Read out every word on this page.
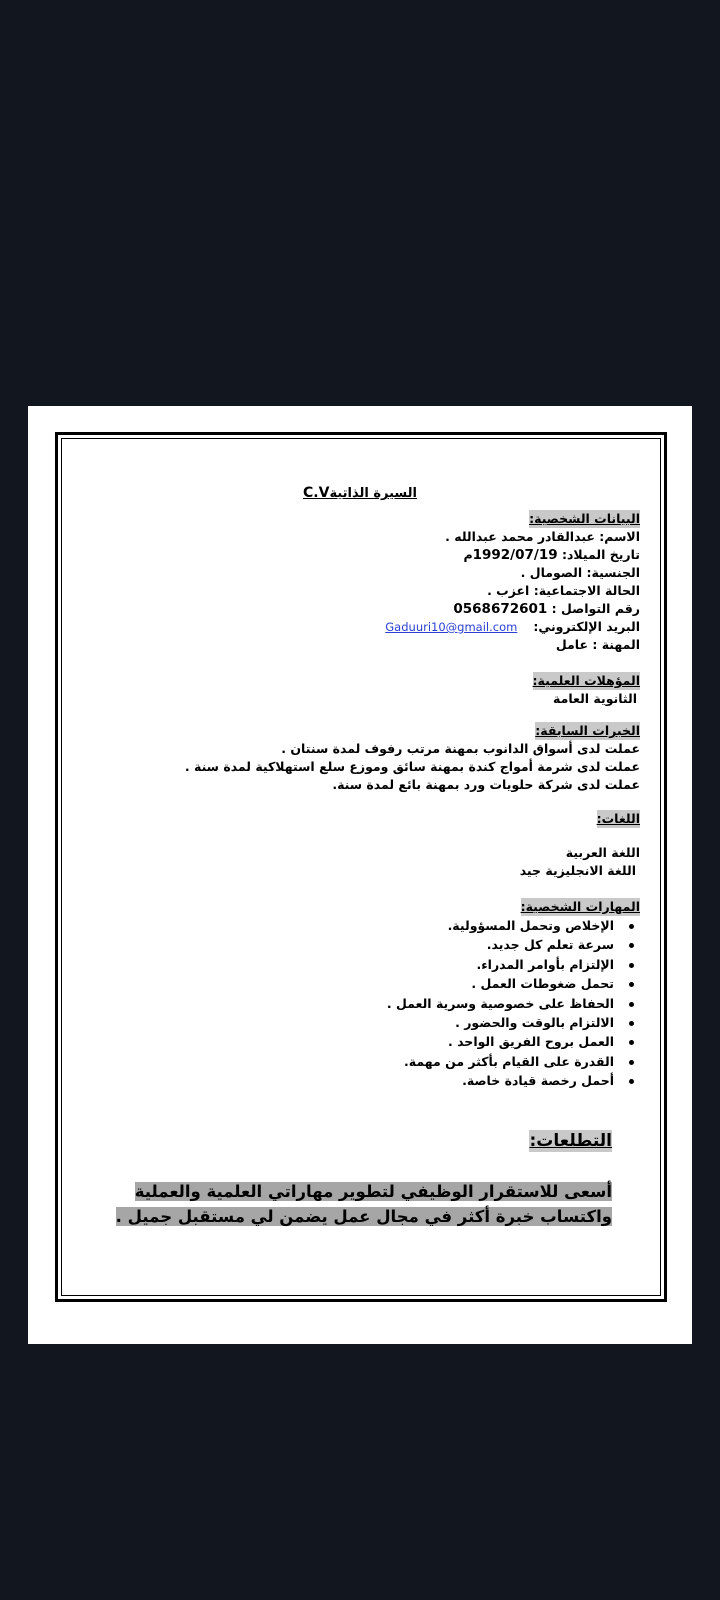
السيرة الذاتيةC.V
البيانات الشخصية:
الاسم: عبدالقادر محمد عبدالله .
تاريخ الميلاد: 1992/07/19م
الجنسية: الصومال .
الحالة الاجتماعية: اعزب .
رقم التواصل : 0568672601
البريد الإلكتروني:Gaduuri10@gmail.com
المهنة : عامل
المؤهلات العلمية:
الثانوية العامة
الخبرات السابقة:
عملت لدى أسواق الدانوب بمهنة مرتب رفوف لمدة سنتان .
عملت لدى شرمة أمواج كندة بمهنة سائق وموزع سلع استهلاكية لمدة سنة .
عملت لدى شركة حلويات ورد بمهنة بائع لمدة سنة.
اللغات:
اللغة العربية
اللغة الانجليزية جيد
المهارات الشخصية:
الإخلاص وتحمل المسؤولية.
سرعة تعلم كل جديد.
الإلتزام بأوامر المدراء.
تحمل ضغوطات العمل .
الحفاظ على خصوصية وسرية العمل .
الالتزام بالوقت والحضور .
العمل بروح الفريق الواحد .
القدرة على القيام بأكثر من مهمة.
أحمل رخصة قيادة خاصة.
التطلعات:
أسعى للاستقرار الوظيفي لتطوير مهاراتي العلمية والعملية
واكتساب خبرة أكثر في مجال عمل يضمن لي مستقبل جميل .
